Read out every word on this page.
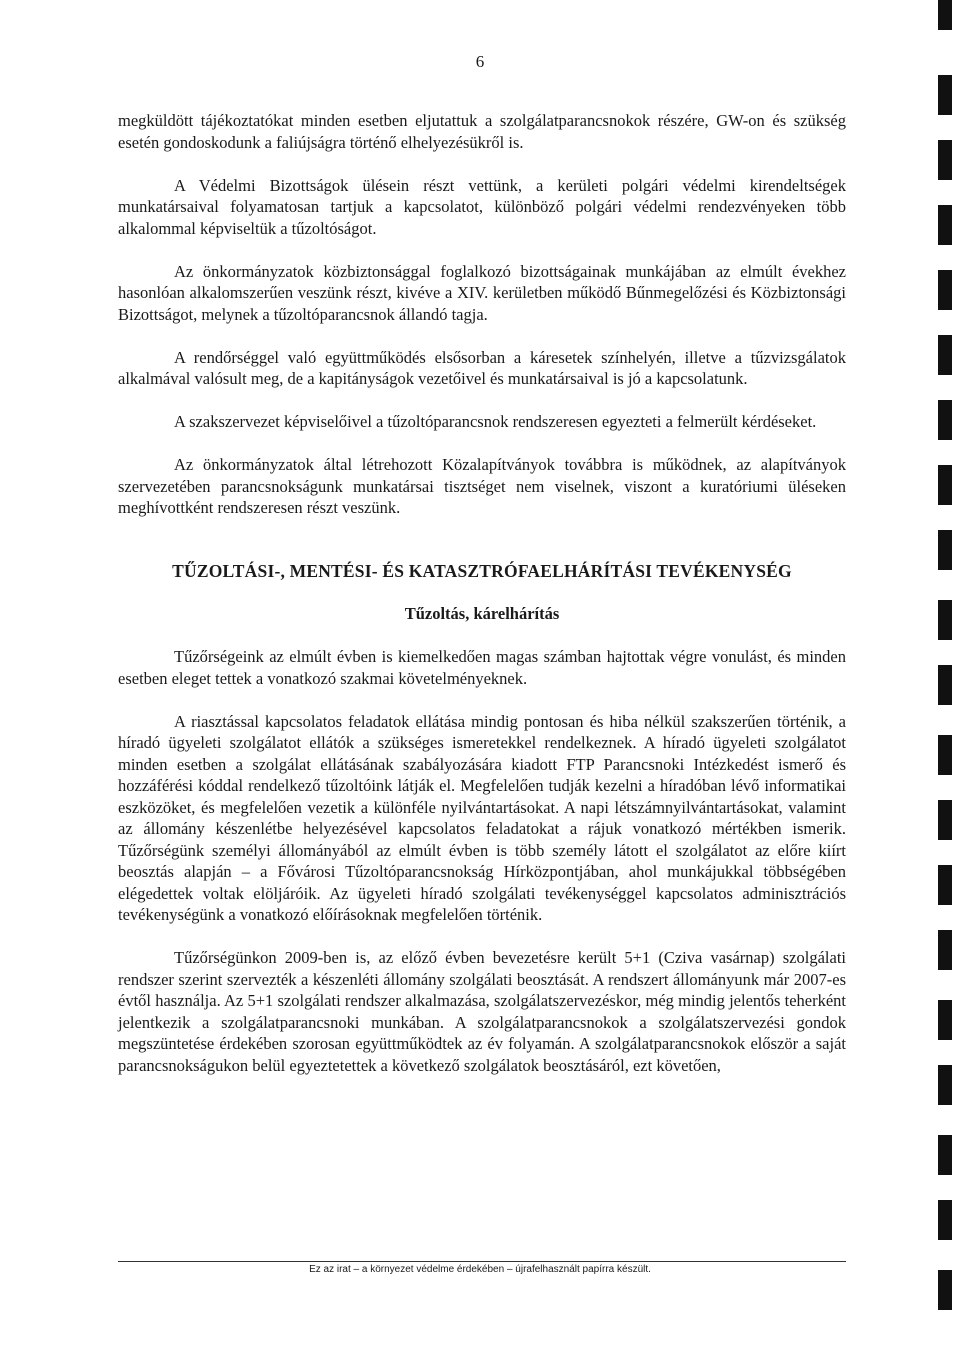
6

megküldött tájékoztatókat minden esetben eljutattuk a szolgálatparancsnokok részére, GW-on és szükség esetén gondoskodunk a faliújságra történő elhelyezésükről is.

A Védelmi Bizottságok ülésein részt vettünk, a kerületi polgári védelmi kirendeltségek munkatársaival folyamatosan tartjuk a kapcsolatot, különböző polgári védelmi rendezvényeken több alkalommal képviseltük a tűzoltóságot.

Az önkormányzatok közbiztonsággal foglalkozó bizottságainak munkájában az elmúlt évekhez hasonlóan alkalomszerűen veszünk részt, kivéve a XIV. kerületben működő Bűnmegelőzési és Közbiztonsági Bizottságot, melynek a tűzoltóparancsnok állandó tagja.

A rendőrséggel való együttműködés elsősorban a káresetek színhelyén, illetve a tűzvizsgálatok alkalmával valósult meg, de a kapitányságok vezetőivel és munkatársaival is jó a kapcsolatunk.

A szakszervezet képviselőivel a tűzoltóparancsnok rendszeresen egyezteti a felmerült kérdéseket.

Az önkormányzatok által létrehozott Közalapítványok továbbra is működnek, az alapítványok szervezetében parancsnokságunk munkatársai tisztséget nem viselnek, viszont a kuratóriumi üléseken meghívottként rendszeresen részt veszünk.

TŰZOLTÁSI-, MENTÉSI- ÉS KATASZTRÓFAELHÁRÍTÁSI TEVÉKENYSÉG
Tűzoltás, kárelhárítás

Tűzőrségeink az elmúlt évben is kiemelkedően magas számban hajtottak végre vonulást, és minden esetben eleget tettek a vonatkozó szakmai követelményeknek.

A riasztással kapcsolatos feladatok ellátása mindig pontosan és hiba nélkül szakszerűen történik, a híradó ügyeleti szolgálatot ellátók a szükséges ismeretekkel rendelkeznek. A híradó ügyeleti szolgálatot minden esetben a szolgálat ellátásának szabályozására kiadott FTP Parancsnoki Intézkedést ismerő és hozzáférési kóddal rendelkező tűzoltóink látják el. Megfelelően tudják kezelni a híradóban lévő informatikai eszközöket, és megfelelően vezetik a különféle nyilvántartásokat. A napi létszámnyilvántartásokat, valamint az állomány készenlétbe helyezésével kapcsolatos feladatokat a rájuk vonatkozó mértékben ismerik. Tűzőrségünk személyi állományából az elmúlt évben is több személy látott el szolgálatot az előre kiírt beosztás alapján – a Fővárosi Tűzoltóparancsnokság Hírközpontjában, ahol munkájukkal többségében elégedettek voltak elöljáróik. Az ügyeleti híradó szolgálati tevékenységgel kapcsolatos adminisztrációs tevékenységünk a vonatkozó előírásoknak megfelelően történik.

Tűzőrségünkon 2009-ben is, az előző évben bevezetésre került 5+1 (Cziva vasárnap) szolgálati rendszer szerint szervezték a készenléti állomány szolgálati beosztását. A rendszert állományunk már 2007-es évtől használja. Az 5+1 szolgálati rendszer alkalmazása, szolgálatszervezéskor, még mindig jelentős teherként jelentkezik a szolgálatparancsnoki munkában. A szolgálatparancsnokok a szolgálatszervezési gondok megszüntetése érdekében szorosan együttműködtek az év folyamán. A szolgálatparancsnokok először a saját parancsnokságukon belül egyeztetettek a következő szolgálatok beosztásáról, ezt követően,

Ez az irat – a környezet védelme érdekében – újrafelhasznált papírra készült.
